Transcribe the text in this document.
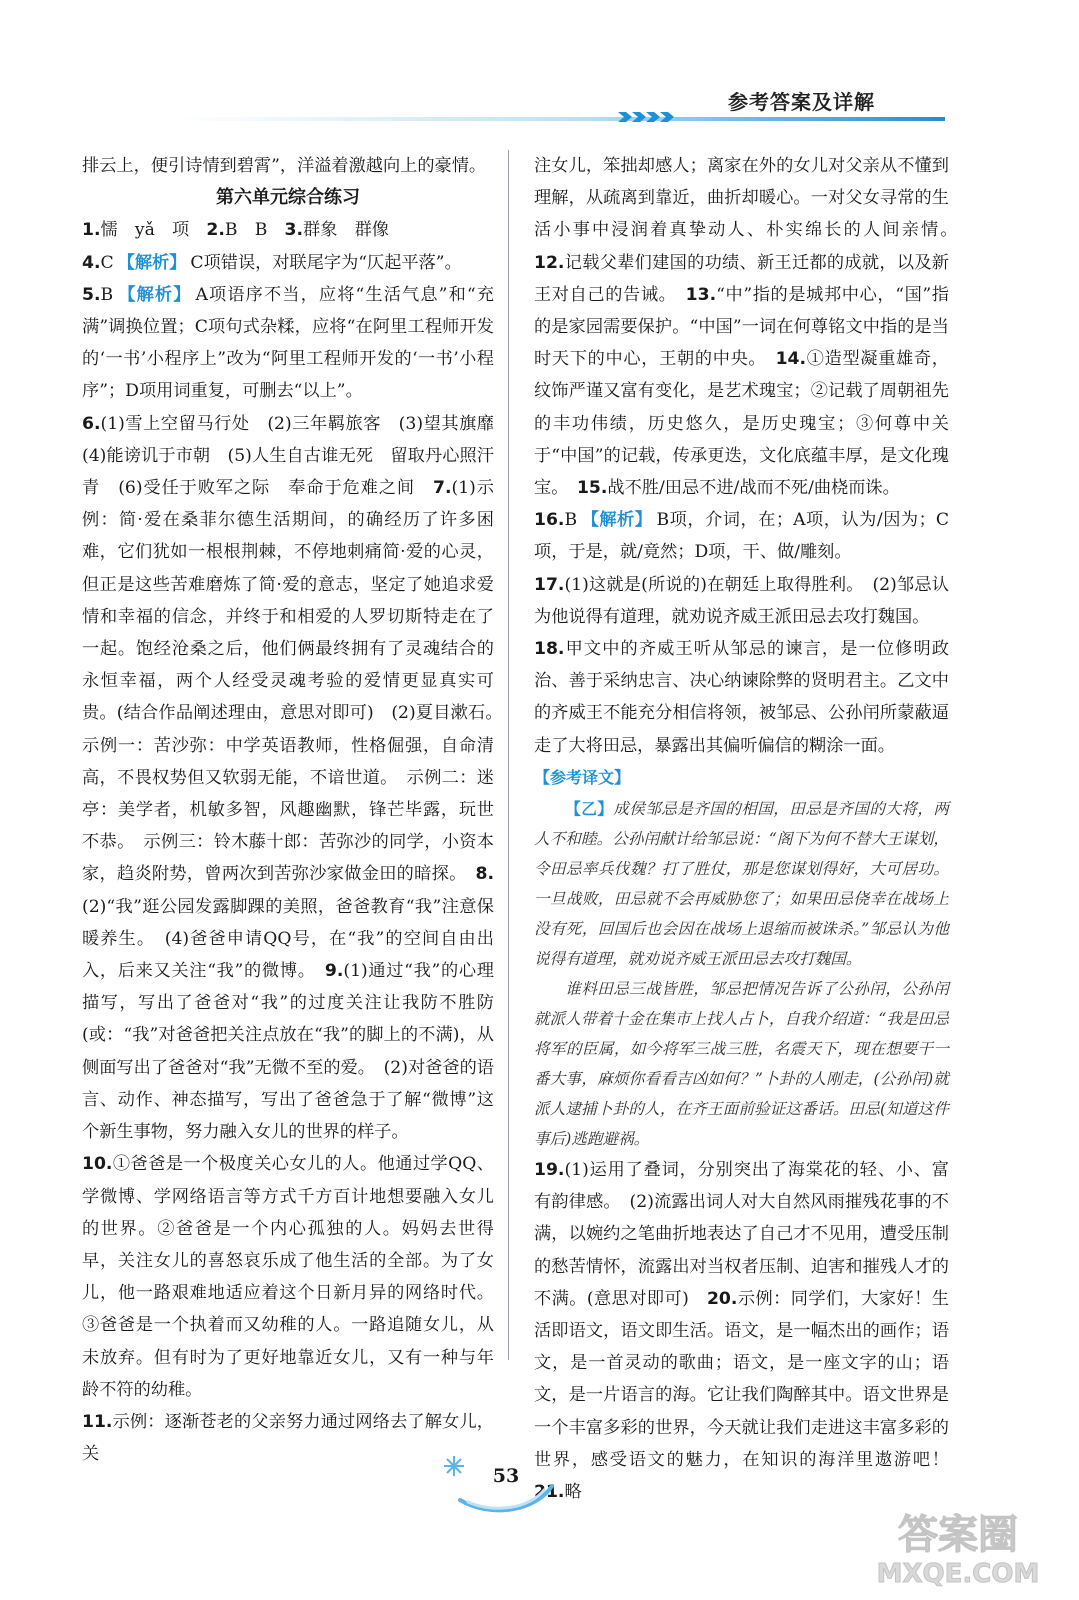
参考答案及详解

排云上，便引诗情到碧霄”，洋溢着激越向上的豪情。

第六单元综合练习

1.懦　yǎ　项　2.B　B　3.群象　群像

4.C 【解析】 C项错误，对联尾字为“仄起平落”。

5.B 【解析】 A项语序不当，应将“生活气息”和“充满”调换位置；C项句式杂糅，应将“在阿里工程师开发的‘一书’小程序上”改为“阿里工程师开发的‘一书’小程序”；D项用词重复，可删去“以上”。

6.(1)雪上空留马行处　(2)三年羁旅客　(3)望其旗靡　(4)能谤讥于市朝　(5)人生自古谁无死　留取丹心照汗青　(6)受任于败军之际　奉命于危难之间　7.(1)示例：简·爱在桑菲尔德生活期间，的确经历了许多困难，它们犹如一根根荆棘，不停地刺痛简·爱的心灵，但正是这些苦难磨炼了简·爱的意志，坚定了她追求爱情和幸福的信念，并终于和相爱的人罗切斯特走在了一起。饱经沧桑之后，他们俩最终拥有了灵魂结合的永恒幸福，两个人经受灵魂考验的爱情更显真实可贵。(结合作品阐述理由，意思对即可)　(2)夏目漱石。　示例一：苦沙弥：中学英语教师，性格倔强，自命清高，不畏权势但又软弱无能，不谙世道。　示例二：迷亭：美学者，机敏多智，风趣幽默，锋芒毕露，玩世不恭。　示例三：铃木藤十郎：苦弥沙的同学，小资本家，趋炎附势，曾两次到苦弥沙家做金田的暗探。　8.(2)“我”逛公园发露脚踝的美照，爸爸教育“我”注意保暖养生。　(4)爸爸申请QQ号，在“我”的空间自由出入，后来又关注“我”的微博。　9.(1)通过“我”的心理描写，写出了爸爸对“我”的过度关注让我防不胜防(或：“我”对爸爸把关注点放在“我”的脚上的不满)，从侧面写出了爸爸对“我”无微不至的爱。　(2)对爸爸的语言、动作、神态描写，写出了爸爸急于了解“微博”这个新生事物，努力融入女儿的世界的样子。

10.①爸爸是一个极度关心女儿的人。他通过学QQ、学微博、学网络语言等方式千方百计地想要融入女儿的世界。②爸爸是一个内心孤独的人。妈妈去世得早，关注女儿的喜怒哀乐成了他生活的全部。为了女儿，他一路艰难地适应着这个日新月异的网络时代。③爸爸是一个执着而又幼稚的人。一路追随女儿，从未放弃。但有时为了更好地靠近女儿，又有一种与年龄不符的幼稚。

11.示例：逐渐苍老的父亲努力通过网络去了解女儿，关

注女儿，笨拙却感人；离家在外的女儿对父亲从不懂到理解，从疏离到靠近，曲折却暖心。一对父女寻常的生活小事中浸润着真挚动人、朴实绵长的人间亲情。　12.记载父辈们建国的功绩、新王迁都的成就，以及新王对自己的告诫。　13.“中”指的是城邦中心，“国”指的是家园需要保护。“中国”一词在何尊铭文中指的是当时天下的中心，王朝的中央。　14.①造型凝重雄奇，纹饰严谨又富有变化，是艺术瑰宝；②记载了周朝祖先的丰功伟绩，历史悠久，是历史瑰宝；③何尊中关于“中国”的记载，传承更迭，文化底蕴丰厚，是文化瑰宝。　15.战不胜/田忌不进/战而不死/曲桡而诛。

16.B 【解析】 B项，介词，在；A项，认为/因为；C项，于是，就/竟然；D项，干、做/雕刻。

17.(1)这就是(所说的)在朝廷上取得胜利。　(2)邹忌认为他说得有道理，就劝说齐威王派田忌去攻打魏国。

18.甲文中的齐威王听从邹忌的谏言，是一位修明政治、善于采纳忠言、决心纳谏除弊的贤明君主。乙文中的齐威王不能充分相信将领，被邹忌、公孙闬所蒙蔽逼走了大将田忌，暴露出其偏听偏信的糊涂一面。

【参考译文】

【乙】成侯邹忌是齐国的相国，田忌是齐国的大将，两人不和睦。公孙闬献计给邹忌说：“阁下为何不替大王谋划，令田忌率兵伐魏？打了胜仗，那是您谋划得好，大可居功。一旦战败，田忌就不会再威胁您了；如果田忌侥幸在战场上没有死，回国后也会因在战场上退缩而被诛杀。”邹忌认为他说得有道理，就劝说齐威王派田忌去攻打魏国。

谁料田忌三战皆胜，邹忌把情况告诉了公孙闬，公孙闬就派人带着十金在集市上找人占卜，自我介绍道：“我是田忌将军的臣属，如今将军三战三胜，名震天下，现在想要干一番大事，麻烦你看看吉凶如何？”卜卦的人刚走，(公孙闬)就派人逮捕卜卦的人，在齐王面前验证这番话。田忌(知道这件事后)逃跑避祸。

19.(1)运用了叠词，分别突出了海棠花的轻、小、富有韵律感。　(2)流露出词人对大自然风雨摧残花事的不满，以婉约之笔曲折地表达了自己才不见用，遭受压制的愁苦情怀，流露出对当权者压制、迫害和摧残人才的不满。(意思对即可)　20.示例：同学们，大家好！生活即语文，语文即生活。语文，是一幅杰出的画作；语文，是一首灵动的歌曲；语文，是一座文字的山；语文，是一片语言的海。它让我们陶醉其中。语文世界是一个丰富多彩的世界，今天就让我们走进这丰富多彩的世界，感受语文的魅力，在知识的海洋里遨游吧！　21.略

53
答案圈
MXQE.COM
